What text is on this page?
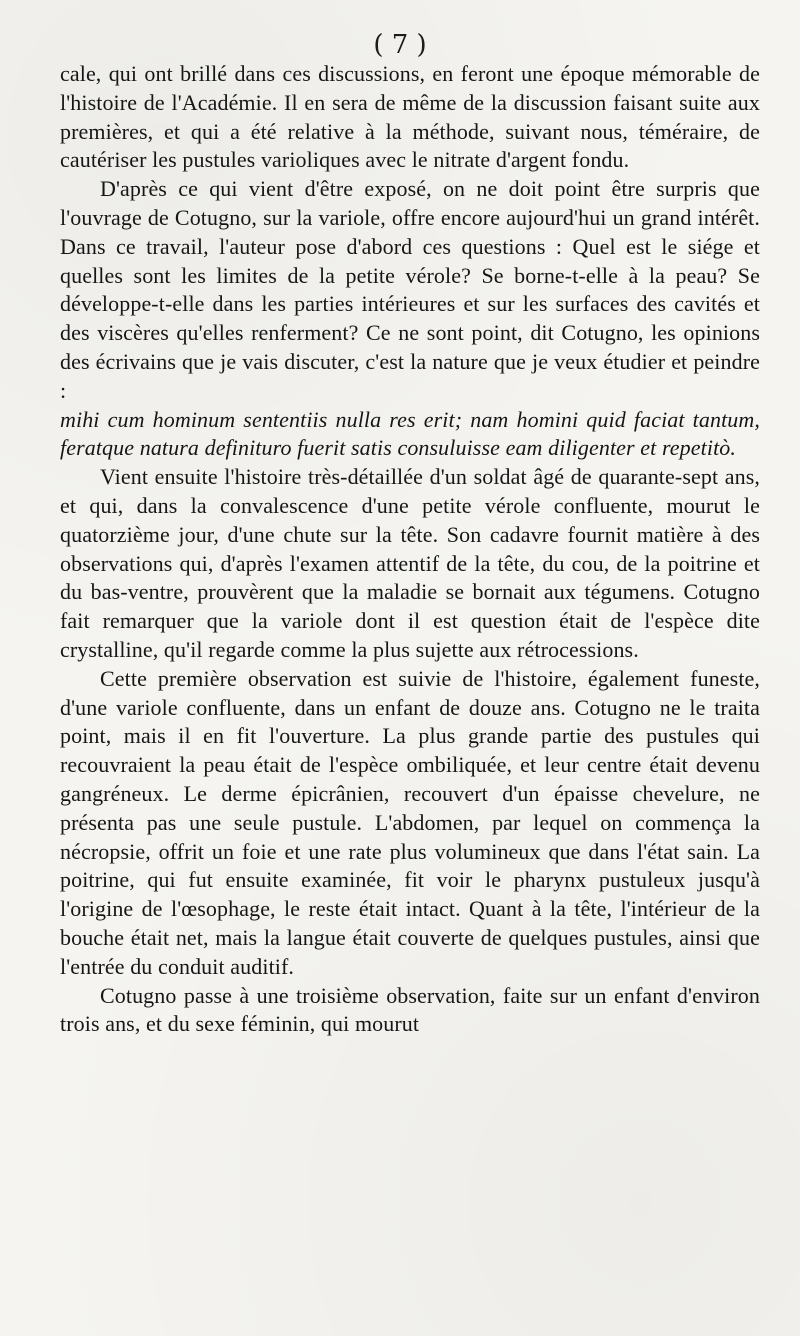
( 7 )

cale, qui ont brillé dans ces discussions, en feront une époque mémorable de l'histoire de l'Académie. Il en sera de même de la discussion faisant suite aux premières, et qui a été relative à la méthode, suivant nous, téméraire, de cautériser les pustules varioliques avec le nitrate d'argent fondu.

D'après ce qui vient d'être exposé, on ne doit point être surpris que l'ouvrage de Cotugno, sur la variole, offre encore aujourd'hui un grand intérêt. Dans ce travail, l'auteur pose d'abord ces questions : Quel est le siége et quelles sont les limites de la petite vérole? Se borne-t-elle à la peau? Se développe-t-elle dans les parties intérieures et sur les surfaces des cavités et des viscères qu'elles renferment? Ce ne sont point, dit Cotugno, les opinions des écrivains que je vais discuter, c'est la nature que je veux étudier et peindre :

mihi cum hominum sententiis nulla res erit; nam homini quid faciat tantum, feratque natura definituro fuerit satis consuluisse eam diligenter et repetitò.

Vient ensuite l'histoire très-détaillée d'un soldat âgé de quarante-sept ans, et qui, dans la convalescence d'une petite vérole confluente, mourut le quatorzième jour, d'une chute sur la tête. Son cadavre fournit matière à des observations qui, d'après l'examen attentif de la tête, du cou, de la poitrine et du bas-ventre, prouvèrent que la maladie se bornait aux tégumens. Cotugno fait remarquer que la variole dont il est question était de l'espèce dite crystalline, qu'il regarde comme la plus sujette aux rétrocessions.

Cette première observation est suivie de l'histoire, également funeste, d'une variole confluente, dans un enfant de douze ans. Cotugno ne le traita point, mais il en fit l'ouverture. La plus grande partie des pustules qui recouvraient la peau était de l'espèce ombiliquée, et leur centre était devenu gangréneux. Le derme épicrânien, recouvert d'un épaisse chevelure, ne présenta pas une seule pustule. L'abdomen, par lequel on commença la nécropsie, offrit un foie et une rate plus volumineux que dans l'état sain. La poitrine, qui fut ensuite examinée, fit voir le pharynx pustuleux jusqu'à l'origine de l'œsophage, le reste était intact. Quant à la tête, l'intérieur de la bouche était net, mais la langue était couverte de quelques pustules, ainsi que l'entrée du conduit auditif.

Cotugno passe à une troisième observation, faite sur un enfant d'environ trois ans, et du sexe féminin, qui mourut
